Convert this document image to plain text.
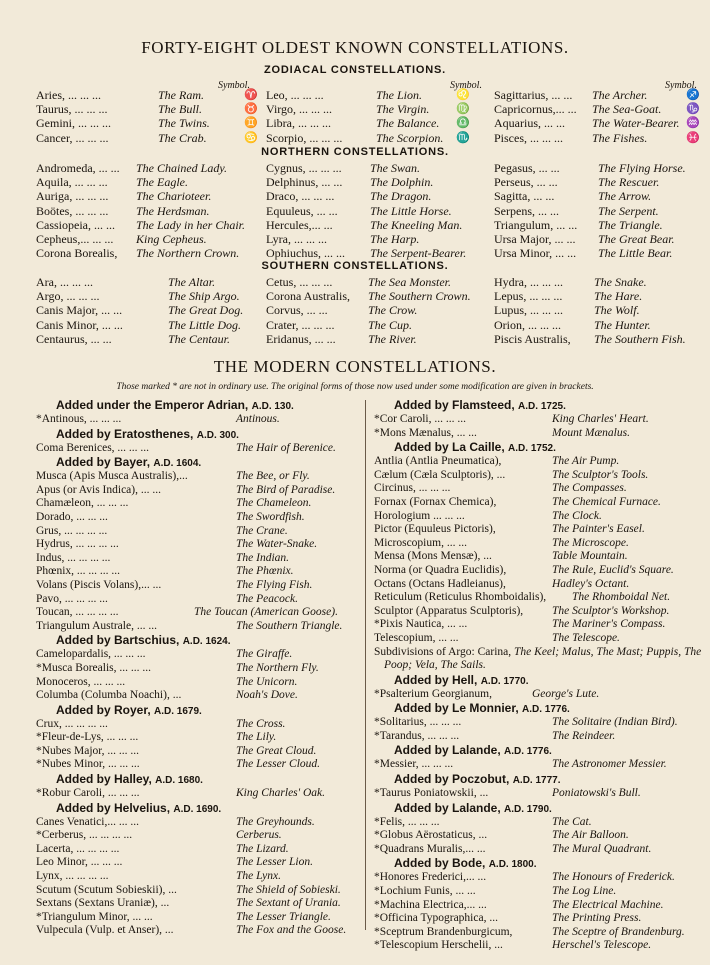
FORTY-EIGHT OLDEST KNOWN CONSTELLATIONS.
ZODIACAL CONSTELLATIONS.
Symbol.	Symbol.	Symbol.
Aries, ... ... ...	The Ram.	♈
Taurus, ... ... ...	The Bull.	♉
Gemini, ... ... ...	The Twins.	♊
Cancer, ... ... ...	The Crab.	♋
Leo, ... ... ...	The Lion.	♌
Virgo, ... ... ...	The Virgin. ♍
Libra, ... ... ...	The Balance. ♎
Scorpio, ... ... ...	The Scorpion. ♏
Sagittarius, ... ... The Archer.	♐
Capricornus,... ... The Sea-Goat. ♑
Aquarius, ... ... The Water-Bearer. ♒
Pisces, ... ... ... The Fishes.	♓
NORTHERN CONSTELLATIONS.
Andromeda, ... ... The Chained Lady.
Aquila, ... ... ... The Eagle.
Auriga, ... ... ... The Charioteer.
Boötes, ... ... ... The Herdsman.
Cassiopeia, ... ... The Lady in her Chair.
Cepheus,... ... ... King Cepheus.
Corona Borealis, The Northern Crown.
Cygnus, ... ... ... The Swan.
Delphinus, ... ... The Dolphin.
Draco, ... ... ...	The Dragon.
Equuleus, ... ...	The Little Horse.
Hercules,... ...	The Kneeling Man.
Lyra, ... ... ...	The Harp.
Ophiuchus, ... ... The Serpent-Bearer.
Pegasus, ... ...	The Flying Horse.
Perseus, ... ...	The Rescuer.
Sagitta, ... ...	The Arrow.
Serpens, ... ...	The Serpent.
Triangulum, ... ... The Triangle.
Ursa Major, ... ... The Great Bear.
Ursa Minor, ... ... The Little Bear.
SOUTHERN CONSTELLATIONS.
Ara, ... ... ...	The Altar.
Argo, ... ... ...	The Ship Argo.
Canis Major, ... ...	The Great Dog.
Canis Minor, ... ...	The Little Dog.
Centaurus, ... ...	The Centaur.
Cetus, ... ... ...	The Sea Monster.
Corona Australis, The Southern Crown.
Corvus, ... ...	The Crow.
Crater, ... ... ...	The Cup.
Eridanus, ... ...	The River.
Hydra, ... ... ...	The Snake.
Lepus, ... ... ...	The Hare.
Lupus, ... ... ...	The Wolf.
Orion, ... ... ...	The Hunter.
Piscis Australis, The Southern Fish.
THE MODERN CONSTELLATIONS.
Those marked * are not in ordinary use. The original forms of those now used under some modification are given in brackets.
Added under the Emperor Adrian, A.D. 130.
*Antinous, ... ... ...	Antinous.
Added by Eratosthenes, A.D. 300.
Coma Berenices, ... ... ...	The Hair of Berenice.
Added by Bayer, A.D. 1604.
Musca (Apis Musca Australis),...	The Bee, or Fly.
Apus (or Avis Indica), ... ...	The Bird of Paradise.
Chamæleon, ... ... ...	The Chameleon.
Dorado, ... ... ...	The Swordfish.
Grus, ... ... ... ...	The Crane.
Hydrus, ... ... ... ...	The Water-Snake.
Indus, ... ... ... ...	The Indian.
Phœnix, ... ... ... ...	The Phœnix.
Volans (Piscis Volans),... ...	The Flying Fish.
Pavo, ... ... ... ...	The Peacock.
Toucan, ... ... ... ...	The Toucan (American Goose).
Triangulum Australe, ... ...	The Southern Triangle.
Added by Bartschius, A.D. 1624.
Camelopardalis, ... ... ...	The Giraffe.
*Musca Borealis, ... ... ...	The Northern Fly.
Monoceros, ... ... ...	The Unicorn.
Columba (Columba Noachi), ...	Noah's Dove.
Added by Royer, A.D. 1679.
Crux, ... ... ... ...	The Cross.
*Fleur-de-Lys, ... ... ...	The Lily.
*Nubes Major, ... ... ...	The Great Cloud.
*Nubes Minor, ... ... ...	The Lesser Cloud.
Added by Halley, A.D. 1680.
*Robur Caroli, ... ... ...	King Charles' Oak.
Added by Helvelius, A.D. 1690.
Canes Venatici,... ... ...	The Greyhounds.
*Cerberus, ... ... ... ...	Cerberus.
Lacerta, ... ... ... ...	The Lizard.
Leo Minor, ... ... ...	The Lesser Lion.
Lynx, ... ... ... ...	The Lynx.
Scutum (Scutum Sobieskii), ...	The Shield of Sobieski.
Sextans (Sextans Uraniæ), ...	The Sextant of Urania.
*Triangulum Minor, ... ...	The Lesser Triangle.
Vulpecula (Vulp. et Anser), ...	The Fox and the Goose.
Added by Flamsteed, A.D. 1725.
*Cor Caroli, ... ... ...	King Charles' Heart.
*Mons Mænalus, ... ...	Mount Mænalus.
Added by La Caille, A.D. 1752.
Antlia (Antlia Pneumatica),	The Air Pump.
Cælum (Cæla Sculptoris), ...	The Sculptor's Tools.
Circinus, ... ... ...	The Compasses.
Fornax (Fornax Chemica),	The Chemical Furnace.
Horologium ... ... ...	The Clock.
Pictor (Equuleus Pictoris),	The Painter's Easel.
Microscopium, ... ...	The Microscope.
Mensa (Mons Mensæ), ...	Table Mountain.
Norma (or Quadra Euclidis),	The Rule, Euclid's Square.
Octans (Octans Hadleianus),	Hadley's Octant.
Reticulum (Reticulus Rhomboidalis), The Rhomboidal Net.
Sculptor (Apparatus Sculptoris),	The Sculptor's Workshop.
*Pixis Nautica, ... ...	The Mariner's Compass.
Telescopium, ... ...	The Telescope.
Subdivisions of Argo: Carina, The Keel; Malus, The Mast; Puppis, The Poop; Vela, The Sails.
Added by Hell, A.D. 1770.
*Psalterium Georgianum,	George's Lute.
Added by Le Monnier, A.D. 1776.
*Solitarius, ... ... ...	The Solitaire (Indian Bird).
*Tarandus, ... ... ...	The Reindeer.
Added by Lalande, A.D. 1776.
*Messier, ... ... ...	The Astronomer Messier.
Added by Poczobut, A.D. 1777.
*Taurus Poniatowskii, ...	Poniatowski's Bull.
Added by Lalande, A.D. 1790.
*Felis, ... ... ...	The Cat.
*Globus Aërostaticus, ...	The Air Balloon.
*Quadrans Muralis,... ...	The Mural Quadrant.
Added by Bode, A.D. 1800.
*Honores Frederici,... ...	The Honours of Frederick.
*Lochium Funis, ... ...	The Log Line.
*Machina Electrica,... ...	The Electrical Machine.
*Officina Typographica, ...	The Printing Press.
*Sceptrum Brandenburgicum,	The Sceptre of Brandenburg.
*Telescopium Herschelii, ...	Herschel's Telescope.
